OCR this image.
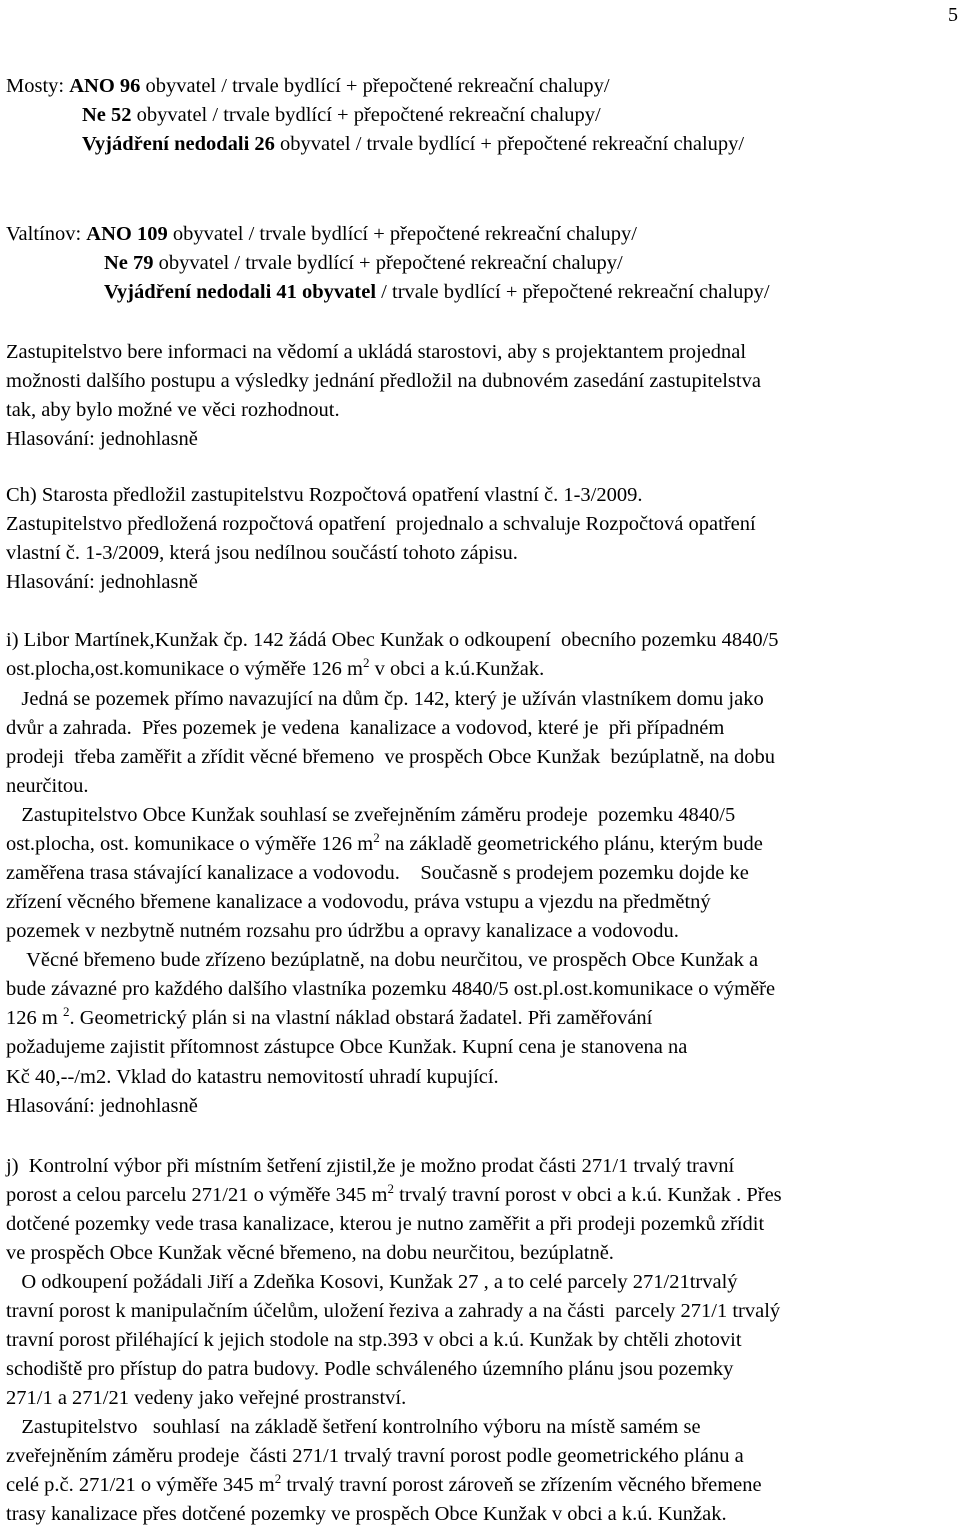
5
Mosty: ANO 96 obyvatel / trvale bydlící + přepočtené rekreační chalupy/
Ne 52 obyvatel / trvale bydlící + přepočtené rekreační chalupy/
Vyjádření nedodali 26 obyvatel / trvale bydlící + přepočtené rekreační chalupy/
Valtínov: ANO 109 obyvatel / trvale bydlící + přepočtené rekreační chalupy/
Ne 79 obyvatel / trvale bydlící + přepočtené rekreační chalupy/
Vyjádření nedodali 41 obyvatel / trvale bydlící + přepočtené rekreační chalupy/
Zastupitelstvo bere informaci na vědomí a ukládá starostovi, aby s projektantem projednal
možnosti dalšího postupu a výsledky jednání předložil na dubnovém zasedání zastupitelstva
tak, aby bylo možné ve věci rozhodnout.
Hlasování: jednohlasně
Ch) Starosta předložil zastupitelstvu Rozpočtová opatření vlastní č. 1-3/2009.
Zastupitelstvo předložená rozpočtová opatření  projednalo a schvaluje Rozpočtová opatření
vlastní č. 1-3/2009, která jsou nedílnou součástí tohoto zápisu.
Hlasování: jednohlasně
i) Libor Martínek,Kunžak čp. 142 žádá Obec Kunžak o odkoupení  obecního pozemku 4840/5
ost.plocha,ost.komunikace o výměře 126 $m^2$ v obci a k.ú.Kunžak.
Jedná se pozemek přímo navazující na dům čp. 142, který je užíván vlastníkem domu jako
dvůr a zahrada.  Přes pozemek je vedena  kanalizace a vodovod, které je  při případném
prodeji  třeba zaměřit a zřídit věcné břemeno  ve prospěch Obce Kunžak  bezúplatně, na dobu
neurčitou.
Zastupitelstvo Obce Kunžak souhlasí se zveřejněním záměru prodeje  pozemku 4840/5
ost.plocha, ost. komunikace o výměře 126 $m^2$ na základě geometrického plánu, kterým bude
zaměřena trasa stávající kanalizace a vodovodu.    Současně s prodejem pozemku dojde ke
zřízení věcného břemene kanalizace a vodovodu, práva vstupu a vjezdu na předmětný
pozemek v nezbytně nutném rozsahu pro údržbu a opravy kanalizace a vodovodu.
Věcné břemeno bude zřízeno bezúplatně, na dobu neurčitou, ve prospěch Obce Kunžak a
bude závazné pro každého dalšího vlastníka pozemku 4840/5 ost.pl.ost.komunikace o výměře
126 m $^2$. Geometrický plán si na vlastní náklad obstará žadatel. Při zaměřování
požadujeme zajistit přítomnost zástupce Obce Kunžak. Kupní cena je stanovena na
Kč 40,--/m2. Vklad do katastru nemovitostí uhradí kupující.
Hlasování: jednohlasně
j)  Kontrolní výbor při místním šetření zjistil,že je možno prodat části 271/1 trvalý travní
porost a celou parcelu 271/21 o výměře 345 $m^2$ trvalý travní porost v obci a k.ú. Kunžak . Přes
dotčené pozemky vede trasa kanalizace, kterou je nutno zaměřit a při prodeji pozemků zřídit
ve prospěch Obce Kunžak věcné břemeno, na dobu neurčitou, bezúplatně.
O odkoupení požádali Jiří a Zdeňka Kosovi, Kunžak 27 , a to celé parcely 271/21trvalý
travní porost k manipulačním účelům, uložení řeziva a zahrady a na části  parcely 271/1 trvalý
travní porost přiléhající k jejich stodole na stp.393 v obci a k.ú. Kunžak by chtěli zhotovit
schodiště pro přístup do patra budovy. Podle schváleného územního plánu jsou pozemky
271/1 a 271/21 vedeny jako veřejné prostranství.
Zastupitelstvo   souhlasí  na základě šetření kontrolního výboru na místě samém se
zveřejněním záměru prodeje  části 271/1 trvalý travní porost podle geometrického plánu a
celé p.č. 271/21 o výměře 345 $m^2$ trvalý travní porost zároveň se zřízením věcného břemene
trasy kanalizace přes dotčené pozemky ve prospěch Obce Kunžak v obci a k.ú. Kunžak.
